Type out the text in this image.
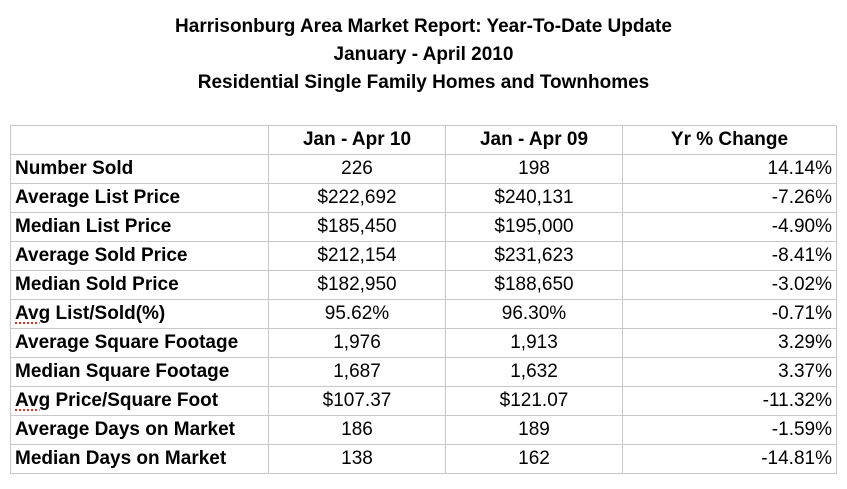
Harrisonburg Area Market Report: Year-To-Date Update
January - April 2010
Residential Single Family Homes and Townhomes
	Jan - Apr 10	Jan - Apr 09	Yr % Change
Number Sold	226	198	14.14%
Average List Price	$222,692	$240,131	-7.26%
Median List Price	$185,450	$195,000	-4.90%
Average Sold Price	$212,154	$231,623	-8.41%
Median Sold Price	$182,950	$188,650	-3.02%
Avg List/Sold(%)	95.62%	96.30%	-0.71%
Average Square Footage	1,976	1,913	3.29%
Median Square Footage	1,687	1,632	3.37%
Avg Price/Square Foot	$107.37	$121.07	-11.32%
Average Days on Market	186	189	-1.59%
Median Days on Market	138	162	-14.81%
